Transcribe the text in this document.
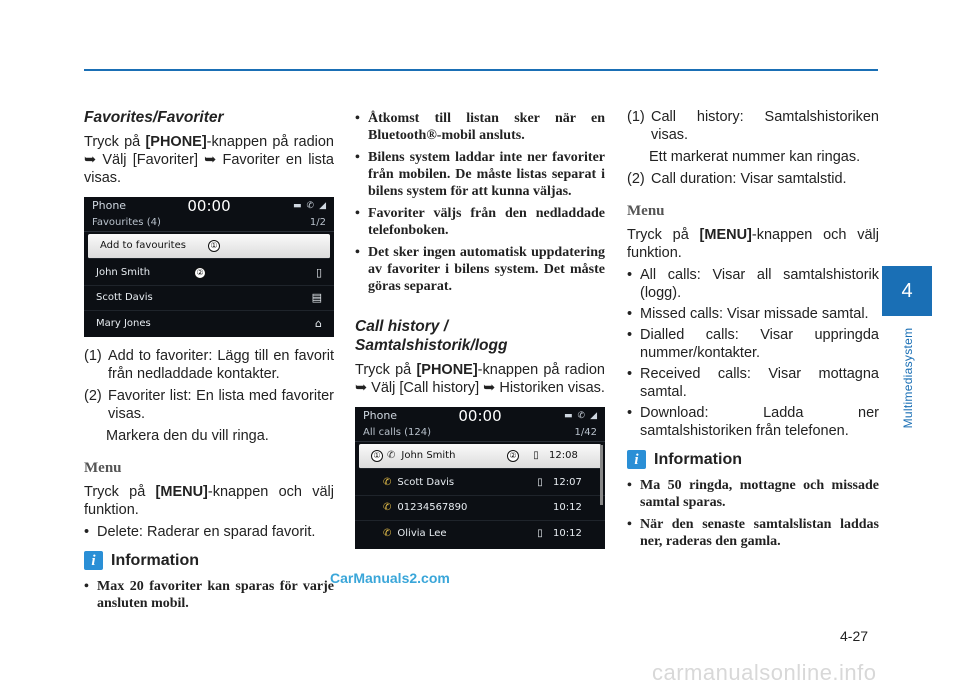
Favorites/Favoriter
Tryck på [PHONE]-knappen på radion ➥ Välj [Favoriter] ➥ Favoriter en lista visas.
Phone	00:00	▬ ✆ ◢
Favourites (4)	1/2
Add to favourites	①
John Smith	②	▯
Scott Davis	▤
Mary Jones	⌂
(1) Add to favoriter: Lägg till en favorit från nedladdade kontakter.
(2) Favoriter list: En lista med favoriter visas.
Markera den du vill ringa.
Menu
Tryck på [MENU]-knappen och välj funktion.
• Delete: Raderar en sparad favorit.
i Information
• Max 20 favoriter kan sparas för varje ansluten mobil.
• Åtkomst till listan sker när en Bluetooth®-mobil ansluts.
• Bilens system laddar inte ner favoriter från mobilen. De måste listas separat i bilens system för att kunna väljas.
• Favoriter väljs från den nedladdade telefonboken.
• Det sker ingen automatisk uppdatering av favoriter i bilens system. Det måste göras separat.
Call history /
Samtalshistorik/logg
Tryck på [PHONE]-knappen på radion ➥ Välj [Call history] ➥ Historiken visas.
Phone	00:00	▬ ✆ ◢
All calls (124)	1/42
① ✆ John Smith	②	▯	12:08
✆ Scott Davis	▯	12:07
✆ 01234567890	10:12
✆ Olivia Lee	▯	10:12
(1) Call history: Samtalshistoriken visas.
Ett markerat nummer kan ringas.
(2) Call duration: Visar samtalstid.
Menu
Tryck på [MENU]-knappen och välj funktion.
• All calls: Visar all samtalshistorik (logg).
• Missed calls: Visar missade samtal.
• Dialled calls: Visar uppringda nummer/kontakter.
• Received calls: Visar mottagna samtal.
• Download: Ladda ner samtalshistoriken från telefonen.
i Information
• Ma 50 ringda, mottagne och missade samtal sparas.
• När den senaste samtalslistan laddas ner, raderas den gamla.
4
Multimediasystem
4-27
CarManuals2.com
carmanualsonline.info
